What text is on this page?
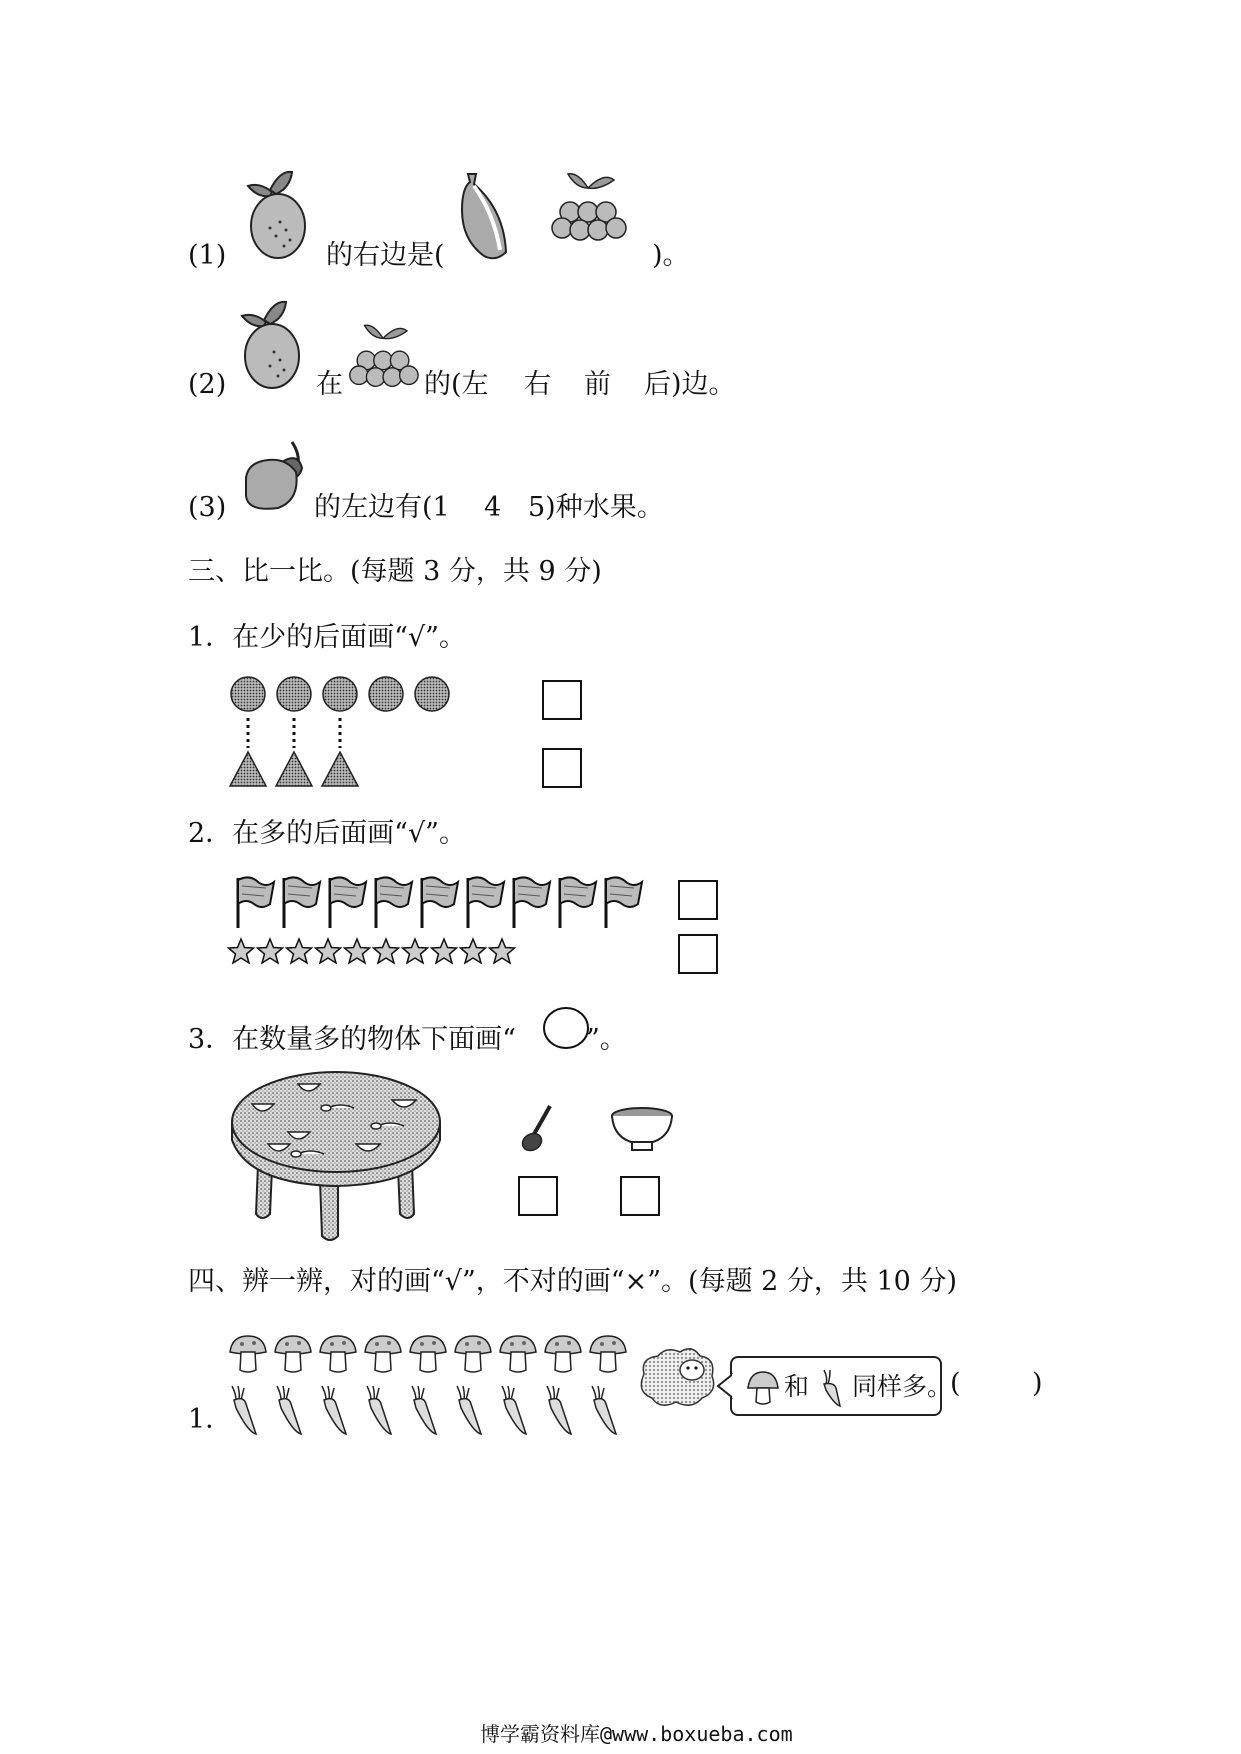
(1)	的右边是(	)。
(2)	在	的(左 右 前 后)边。
(3)	的左边有(1 4 5)种水果。
三、比一比。(每题 3 分，共 9 分)
1．在少的后面画“√”。
2．在多的后面画“√”。
3．在数量多的物体下面画“	”。
四、辨一辨，对的画“√”，不对的画“×”。(每题 2 分，共 10 分)
1．
和 同样多。
(	)
博学霸资料库@www.boxueba.com
